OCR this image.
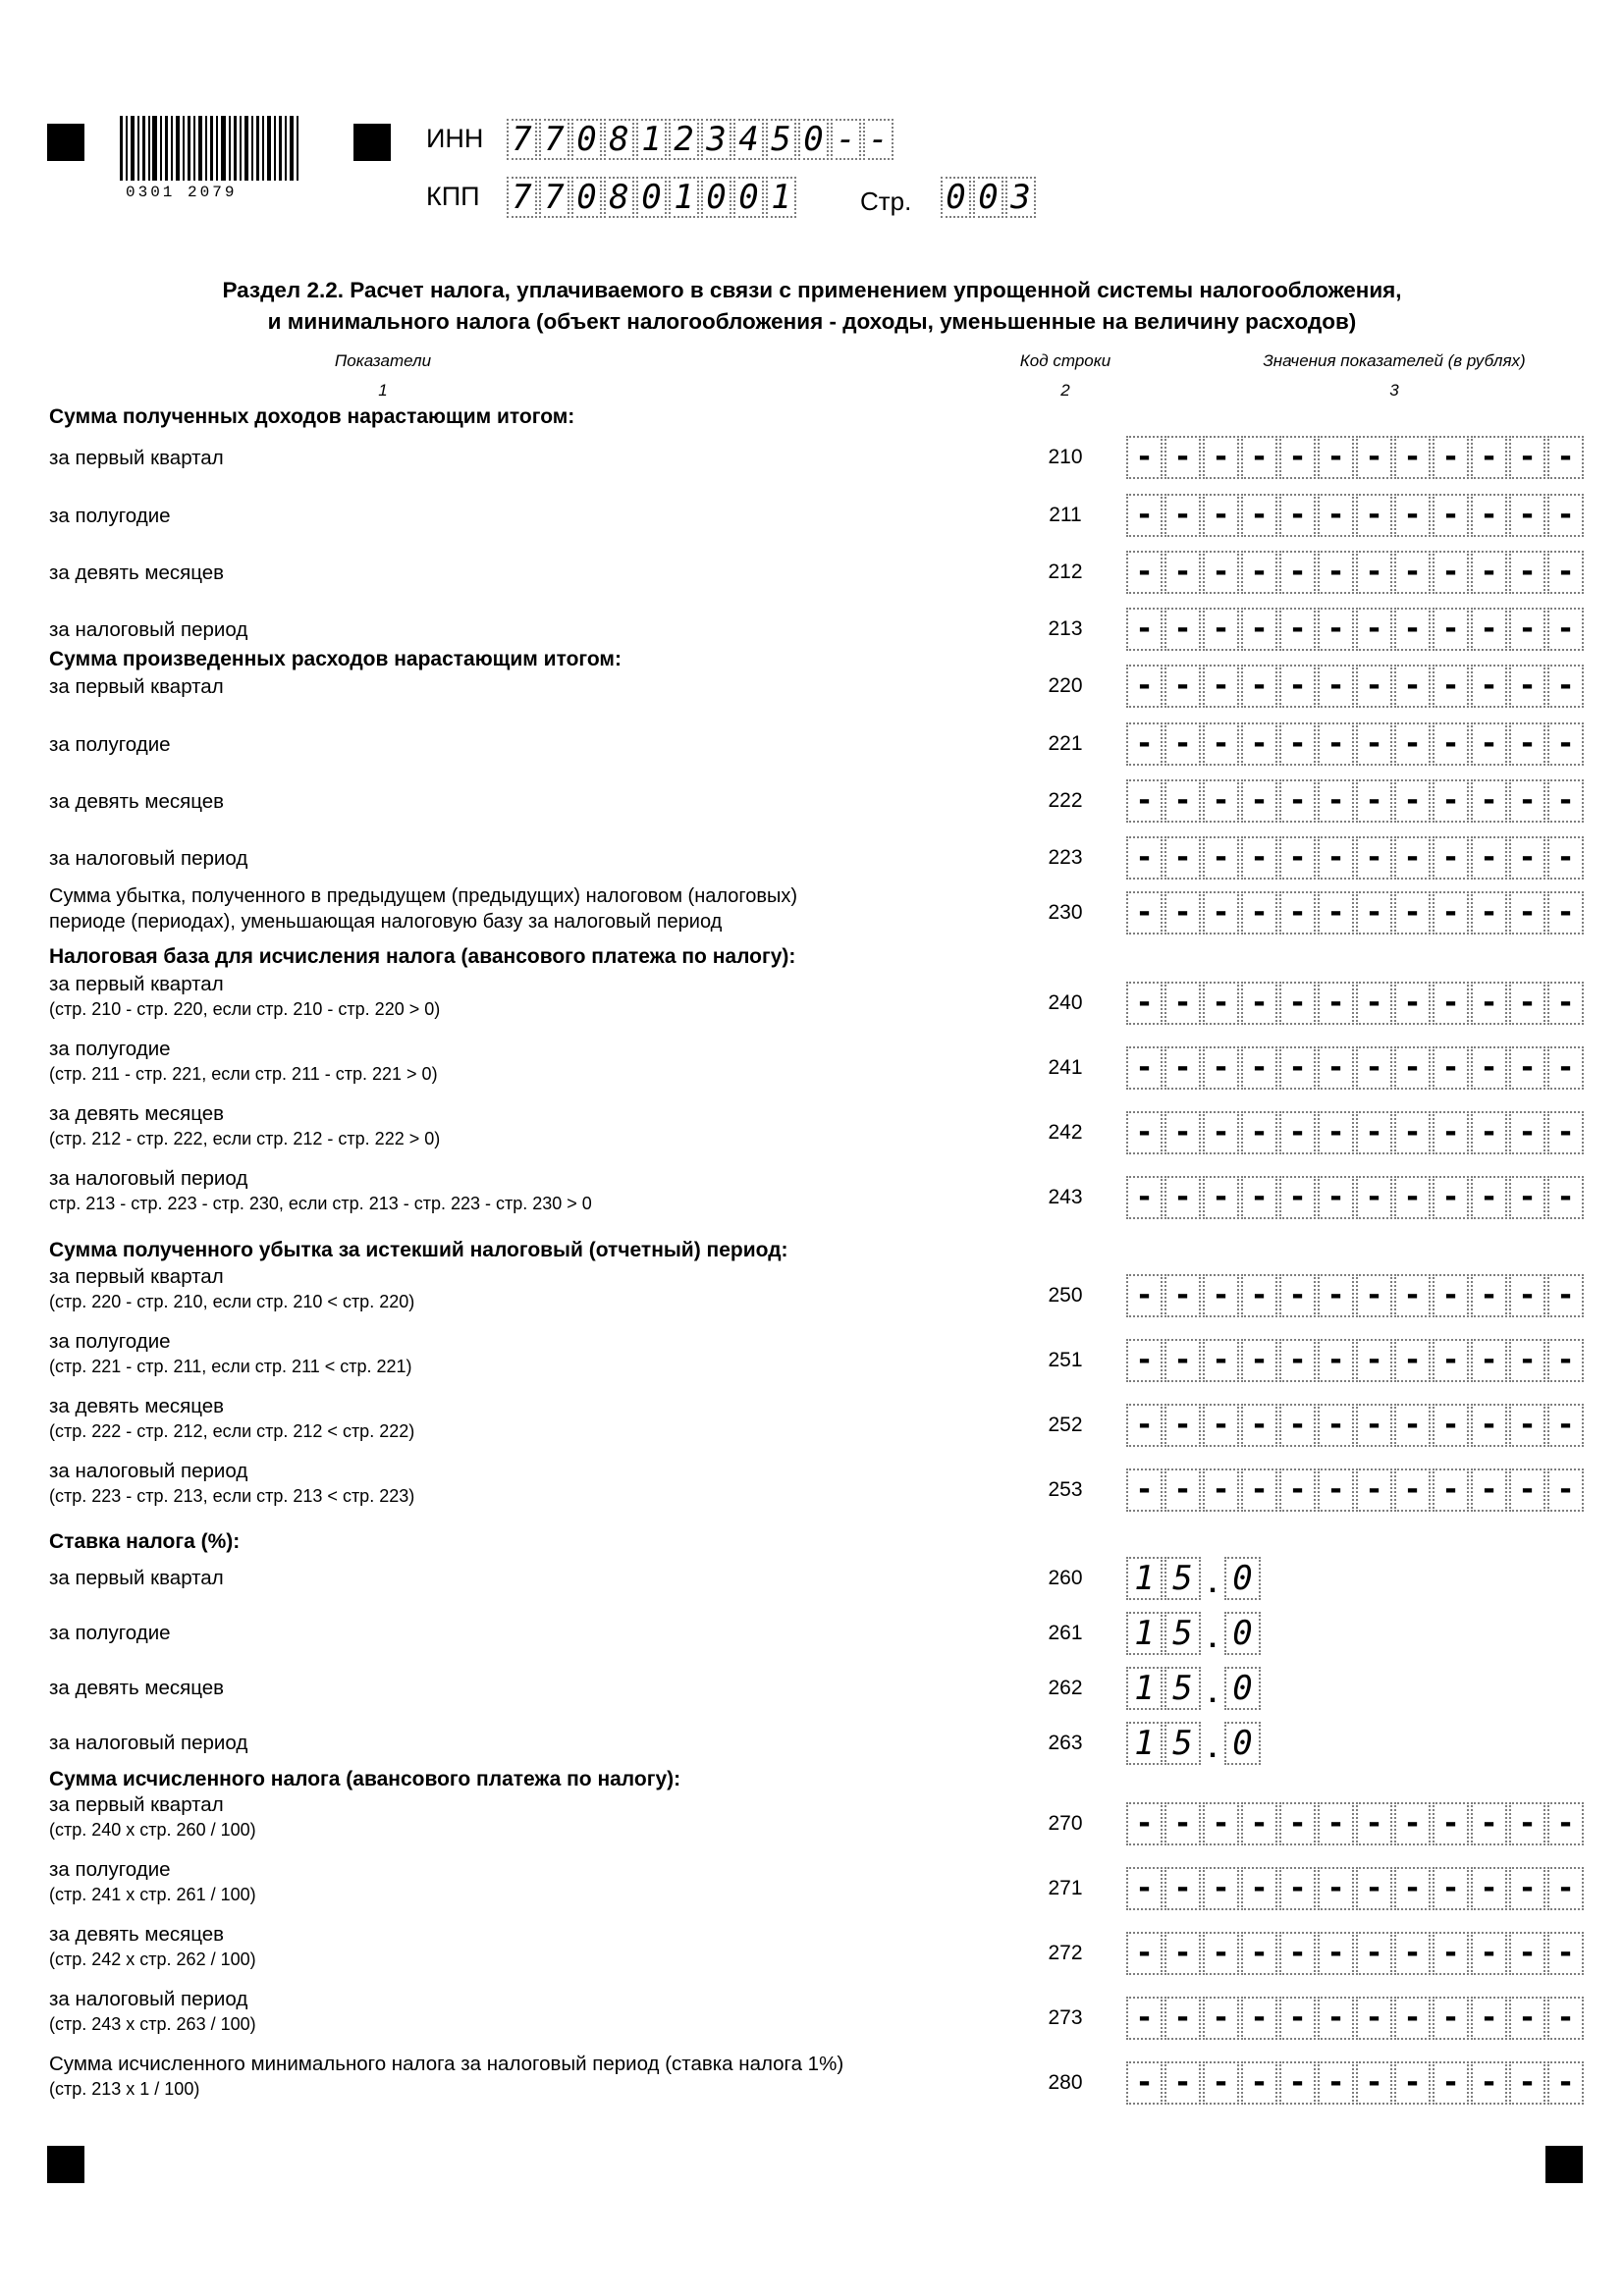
0301 2079
ИНН 7 7 0 8 1 2 3 4 5 0 - -
КПП 7 7 0 8 0 1 0 0 1	Стр. 0 0 3
Раздел 2.2. Расчет налога, уплачиваемого в связи с применением упрощенной системы налогообложения,
и минимального налога (объект налогообложения - доходы, уменьшенные на величину расходов)
Показатели
1
Код строки
2
Значения показателей (в рублях)
3
Сумма полученных доходов нарастающим итогом:
Сумма произведенных расходов нарастающим итогом:
Налоговая база для исчисления налога (авансового платежа по налогу):
Сумма полученного убытка за истекший налоговый (отчетный) период:
Ставка налога (%):
Сумма исчисленного налога (авансового платежа по налогу):
за первый квартал	210	- - - - - - - - - - - -
за полугодие	211	- - - - - - - - - - - -
за девять месяцев	212	- - - - - - - - - - - -
за налоговый период	213	- - - - - - - - - - - -
за первый квартал	220	- - - - - - - - - - - -
за полугодие	221	- - - - - - - - - - - -
за девять месяцев	222	- - - - - - - - - - - -
за налоговый период	223	- - - - - - - - - - - -
Сумма убытка, полученного в предыдущем (предыдущих) налоговом (налоговых)
периоде (периодах), уменьшающая налоговую базу за налоговый период	230	- - - - - - - - - - - -
за первый квартал
(стр. 210 - стр. 220, если стр. 210 - стр. 220 > 0)	240	- - - - - - - - - - - -
за полугодие
(стр. 211 - стр. 221, если стр. 211 - стр. 221 > 0)	241	- - - - - - - - - - - -
за девять месяцев
(стр. 212 - стр. 222, если стр. 212 - стр. 222 > 0)	242	- - - - - - - - - - - -
за налоговый период
стр. 213 - стр. 223 - стр. 230, если стр. 213 - стр. 223 - стр. 230 > 0	243	- - - - - - - - - - - -
за первый квартал
(стр. 220 - стр. 210, если стр. 210 < стр. 220)	250	- - - - - - - - - - - -
за полугодие
(стр. 221 - стр. 211, если стр. 211 < стр. 221)	251	- - - - - - - - - - - -
за девять месяцев
(стр. 222 - стр. 212, если стр. 212 < стр. 222)	252	- - - - - - - - - - - -
за налоговый период
(стр. 223 - стр. 213, если стр. 213 < стр. 223)	253	- - - - - - - - - - - -
за первый квартал	260	1 5 . 0
за полугодие	261	1 5 . 0
за девять месяцев	262	1 5 . 0
за налоговый период	263	1 5 . 0
за первый квартал
(стр. 240 х стр. 260 / 100)	270	- - - - - - - - - - - -
за полугодие
(стр. 241 х стр. 261 / 100)	271	- - - - - - - - - - - -
за девять месяцев
(стр. 242 х стр. 262 / 100)	272	- - - - - - - - - - - -
за налоговый период
(стр. 243 х стр. 263 / 100)	273	- - - - - - - - - - - -
Сумма исчисленного минимального налога за налоговый период (ставка налога 1%)
(стр. 213 х 1 / 100)	280	- - - - - - - - - - - -
